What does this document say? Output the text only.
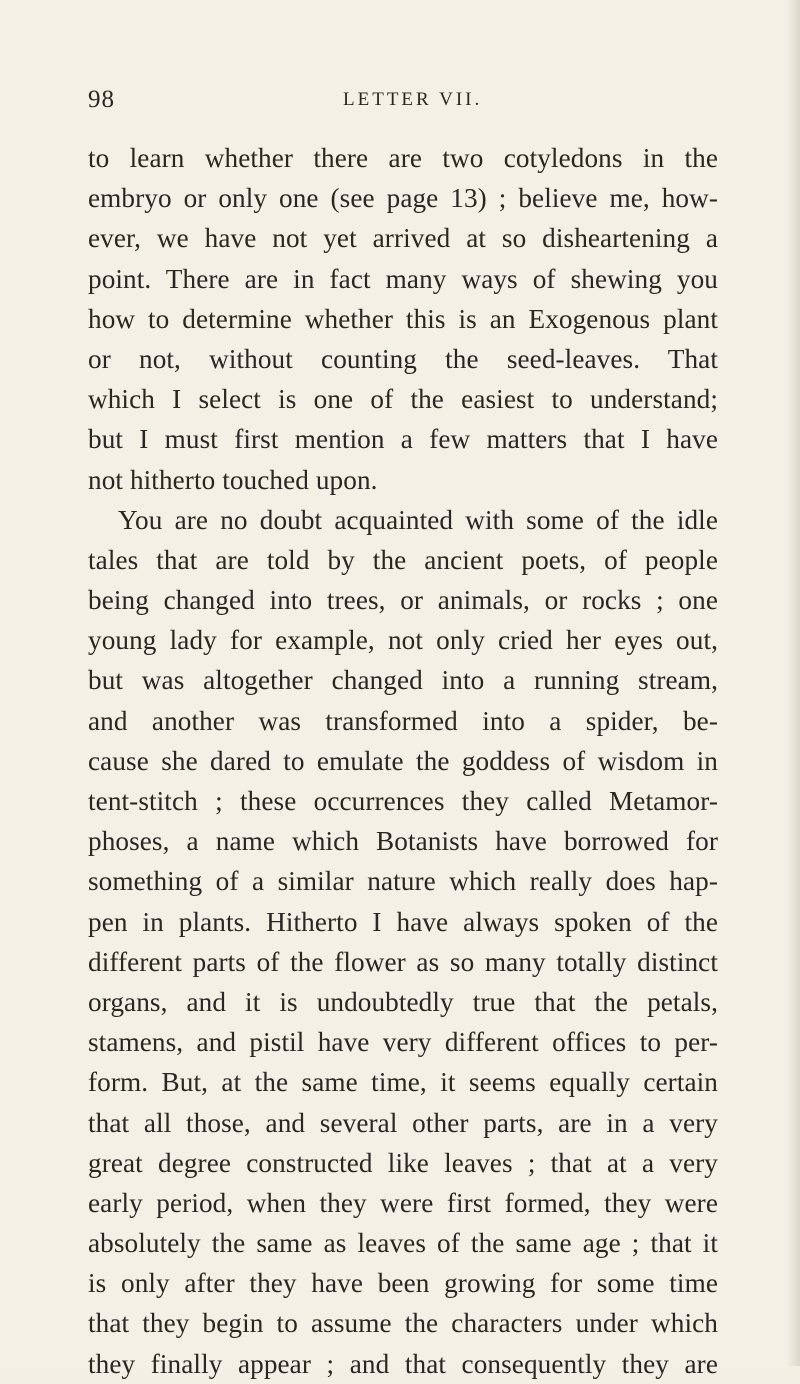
98	LETTER VII.
to learn whether there are two cotyledons in the
embryo or only one (see page 13) ; believe me, how-
ever, we have not yet arrived at so disheartening a
point. There are in fact many ways of shewing you
how to determine whether this is an Exogenous plant
or not, without counting the seed-leaves. That
which I select is one of the easiest to understand;
but I must first mention a few matters that I have
not hitherto touched upon.
You are no doubt acquainted with some of the idle
tales that are told by the ancient poets, of people
being changed into trees, or animals, or rocks ; one
young lady for example, not only cried her eyes out,
but was altogether changed into a running stream,
and another was transformed into a spider, be-
cause she dared to emulate the goddess of wisdom in
tent-stitch ; these occurrences they called Metamor-
phoses, a name which Botanists have borrowed for
something of a similar nature which really does hap-
pen in plants. Hitherto I have always spoken of the
different parts of the flower as so many totally distinct
organs, and it is undoubtedly true that the petals,
stamens, and pistil have very different offices to per-
form. But, at the same time, it seems equally certain
that all those, and several other parts, are in a very
great degree constructed like leaves ; that at a very
early period, when they were first formed, they were
absolutely the same as leaves of the same age ; that it
is only after they have been growing for some time
that they begin to assume the characters under which
they finally appear ; and that consequently they are
